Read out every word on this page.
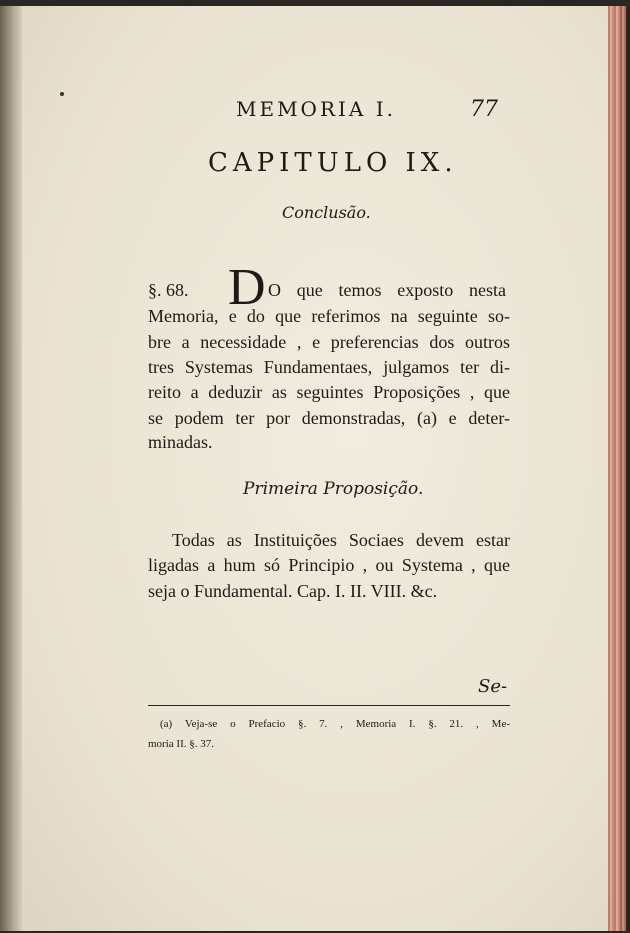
MEMORIA I.	77
CAPITULO IX.
Conclusão.
D O que temos exposto nesta
§. 68.
Memoria, e do que referimos na seguinte so-
bre a necessidade , e preferencias dos outros
tres Systemas Fundamentaes, julgamos ter di-
reito a deduzir as seguintes Proposições , que
se podem ter por demonstradas, (a) e deter-
minadas.
Primeira Proposição.
Todas as Instituições Sociaes devem estar
ligadas a hum só Principio , ou Systema , que
seja o Fundamental. Cap. I. II. VIII. &c.
Se-
(a) Veja-se o Prefacio §. 7. , Memoria I. §. 21. , Me-
moria II. §. 37.
